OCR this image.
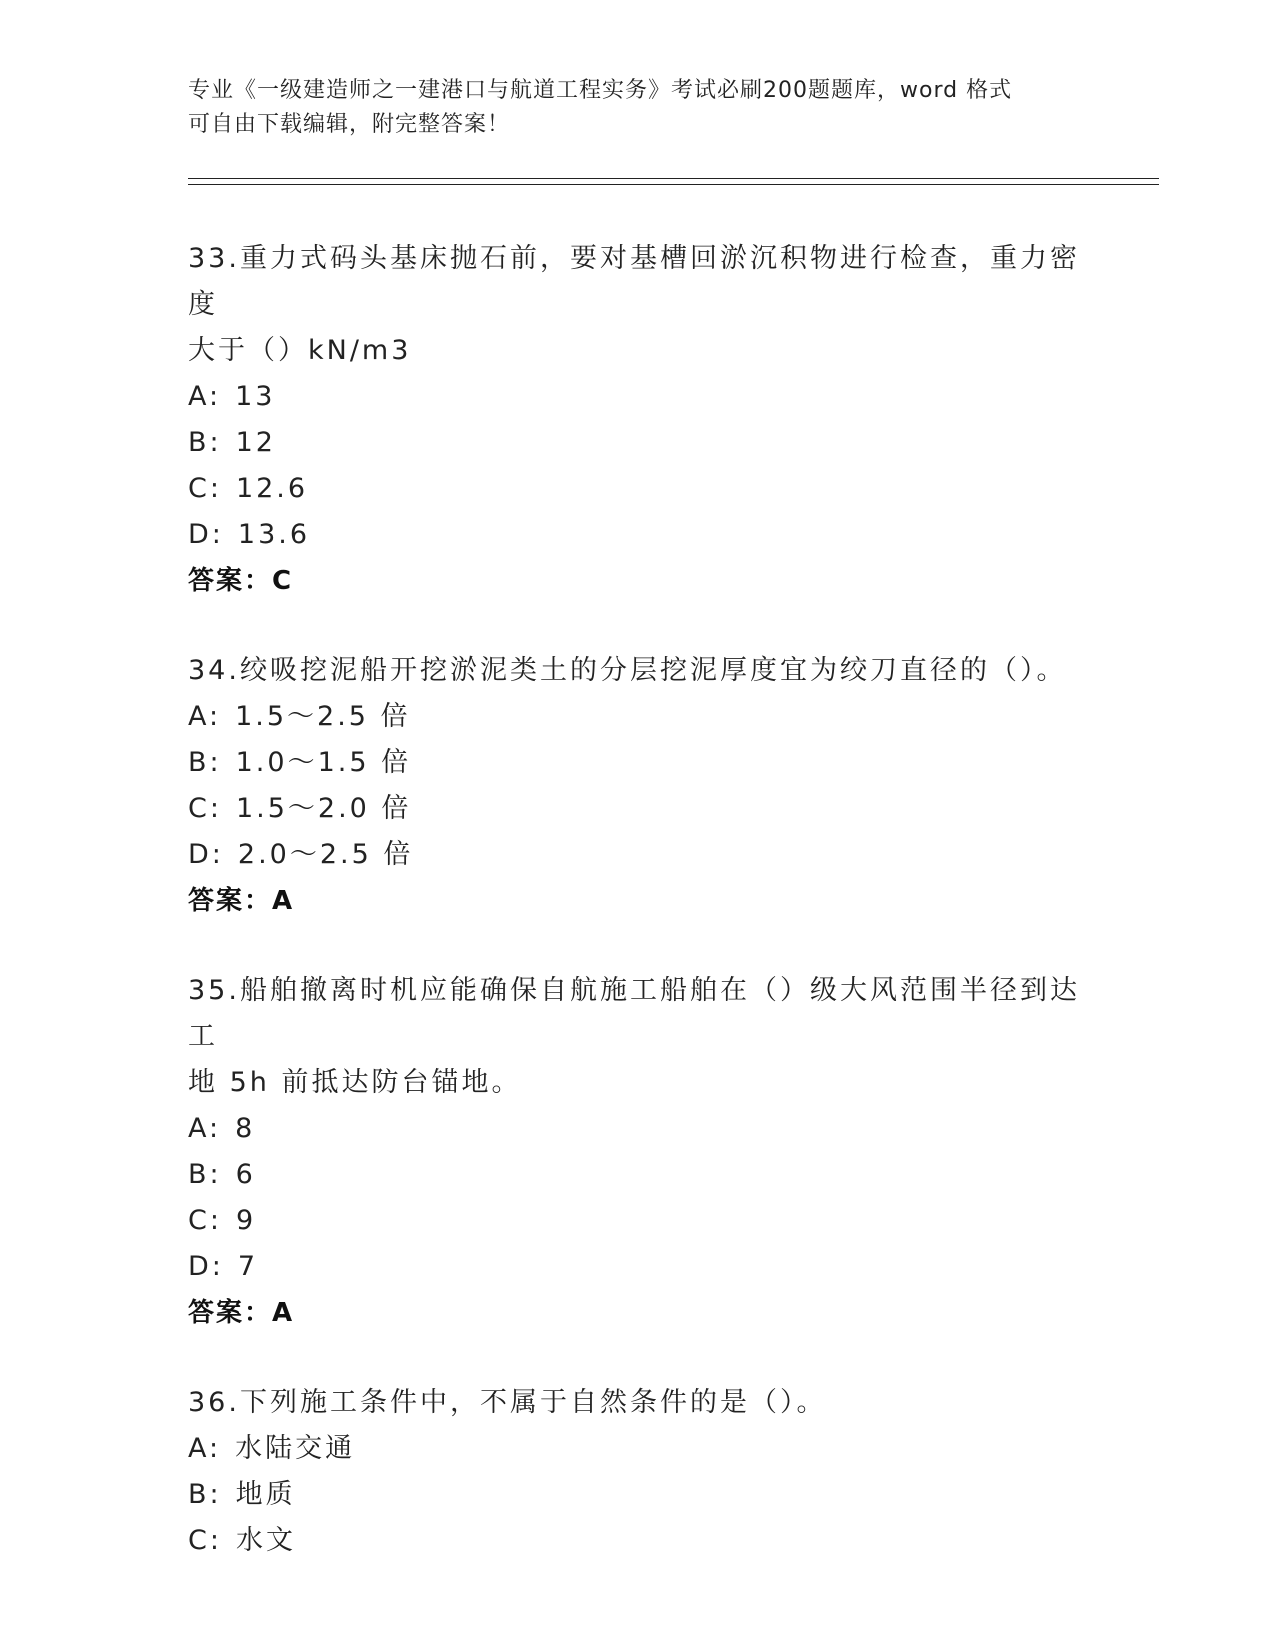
专业《一级建造师之一建港口与航道工程实务》考试必刷200题题库，word 格式
可自由下载编辑，附完整答案！
33.重力式码头基床抛石前，要对基槽回淤沉积物进行检查，重力密度
大于（）kN/m3
A: 13
B: 12
C: 12.6
D: 13.6
答案：C
34.绞吸挖泥船开挖淤泥类土的分层挖泥厚度宜为绞刀直径的（）。
A: 1.5～2.5 倍
B: 1.0～1.5 倍
C: 1.5～2.0 倍
D: 2.0～2.5 倍
答案：A
35.船舶撤离时机应能确保自航施工船舶在（）级大风范围半径到达工
地 5h 前抵达防台锚地。
A: 8
B: 6
C: 9
D: 7
答案：A
36.下列施工条件中，不属于自然条件的是（）。
A: 水陆交通
B: 地质
C: 水文
